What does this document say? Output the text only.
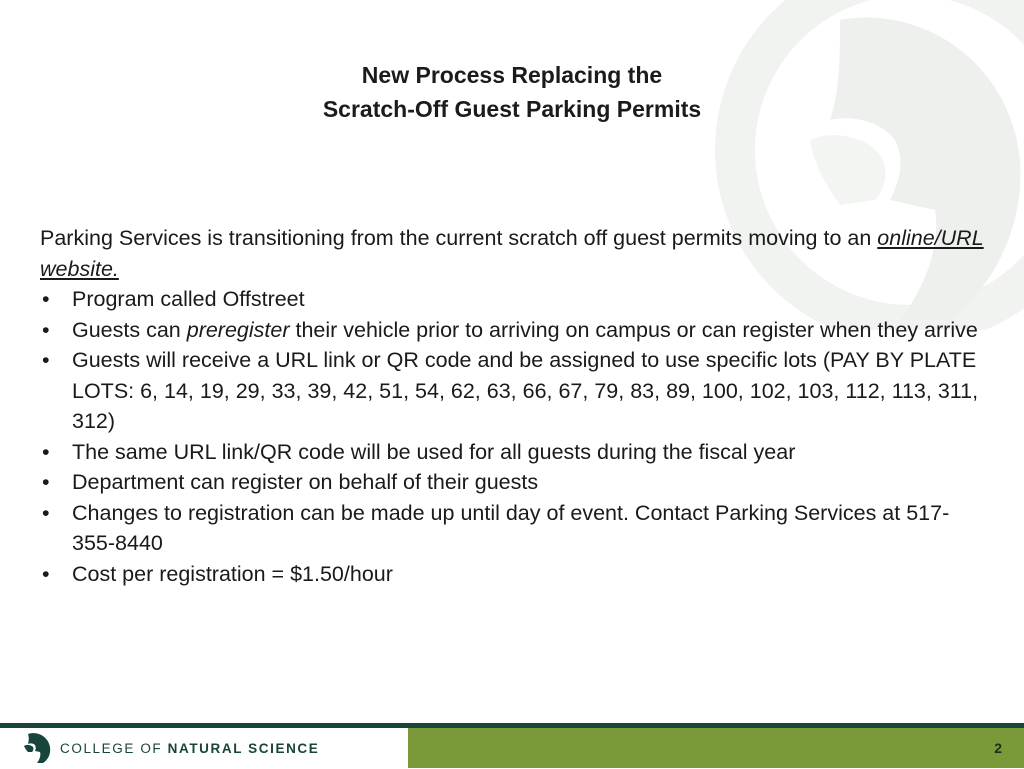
New Process Replacing the
Scratch-Off Guest Parking Permits

Parking Services is transitioning from the current scratch off guest permits moving to an online/URL website.

•	Program called Offstreet
•	Guests can preregister their vehicle prior to arriving on campus or can register when they arrive
•	Guests will receive a URL link or QR code and be assigned to use specific lots (PAY BY PLATE LOTS: 6, 14, 19, 29, 33, 39, 42, 51, 54, 62, 63, 66, 67, 79, 83, 89, 100, 102, 103, 112, 113, 311, 312)
•	The same URL link/QR code will be used for all guests during the fiscal year
•	Department can register on behalf of their guests
•	Changes to registration can be made up until day of event. Contact Parking Services at 517-355-8440
•	Cost per registration = $1.50/hour
COLLEGE OF NATURAL SCIENCE	2
